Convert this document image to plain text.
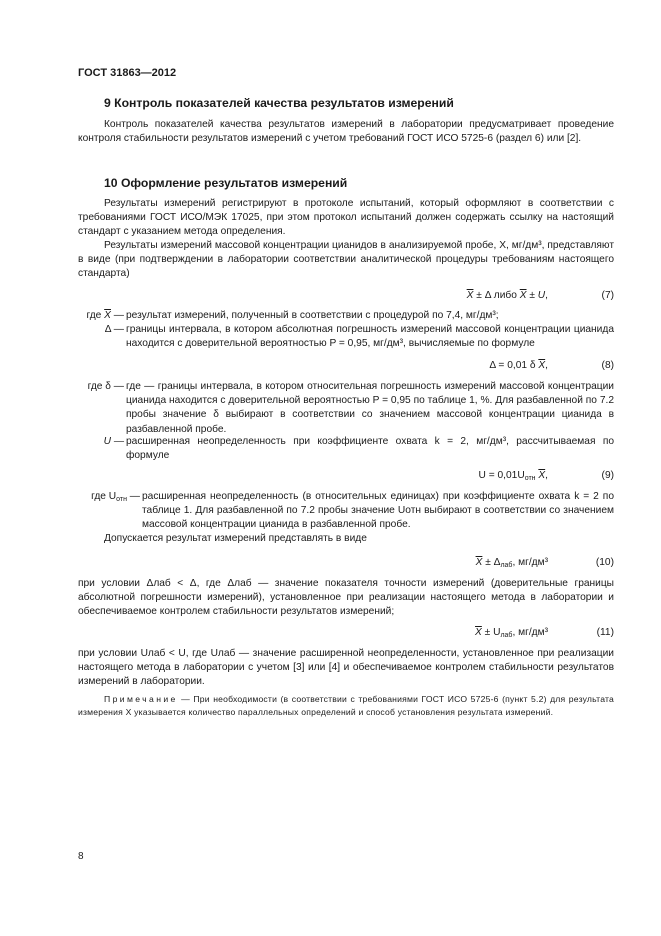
ГОСТ 31863—2012
9 Контроль показателей качества результатов измерений

Контроль показателей качества результатов измерений в лаборатории предусматривает проведение контроля стабильности результатов измерений с учетом требований ГОСТ ИСО 5725-6 (раздел 6) или [2].

10 Оформление результатов измерений

Результаты измерений регистрируют в протоколе испытаний, который оформляют в соответствии с требованиями ГОСТ ИСО/МЭК 17025, при этом протокол испытаний должен содержать ссылку на настоящий стандарт с указанием метода определения.

Результаты измерений массовой концентрации цианидов в анализируемой пробе, X, мг/дм³, представляют в виде (при подтверждении в лаборатории соответствии аналитической процедуры требованиям настоящего стандарта)

$\overline{X} \pm \Delta$ либо $\overline{X} \pm U$,	(7)
где $\overline{X}$ — результат измерений, полученный в соответствии с процедурой по 7,4, мг/дм³;
Δ — границы интервала, в котором абсолютная погрешность измерений массовой концентрации цианида находится с доверительной вероятностью P = 0,95, мг/дм³, вычисляемые по формуле
Δ = 0,01 δ $\overline{X}$,	(8)
где δ — где — границы интервала, в котором относительная погрешность измерений массовой концентрации цианида находится с доверительной вероятностью P = 0,95 по таблице 1, %. Для разбавленной по 7.2 пробы значение δ выбирают в соответствии со значением массовой концентрации цианида в разбавленной пробе.
U — расширенная неопределенность при коэффициенте охвата k = 2, мг/дм³, рассчитываемая по формуле
$U = 0,01U_{отн}$ $\overline{X}$,	(9)
где $U_{отн}$ — расширенная неопределенность (в относительных единицах) при коэффициенте охвата k = 2 по таблице 1. Для разбавленной по 7.2 пробы значение Uотн выбирают в соответствии со значением массовой концентрации цианида в разбавленной пробе.

Допускается результат измерений представлять в виде

$\overline{X} \pm \Delta_{лаб}$, мг/дм³	(10)
при условии Δлаб < Δ, где Δлаб — значение показателя точности измерений (доверительные границы абсолютной погрешности измерений), установленное при реализации настоящего метода в лаборатории и обеспечиваемое контролем стабильности результатов измерений;
$\overline{X} \pm U_{лаб}$, мг/дм³	(11)
при условии Uлаб < U, где Uлаб — значение расширенной неопределенности, установленное при реализации настоящего метода в лаборатории с учетом [3] или [4] и обеспечиваемое контролем стабильности результатов измерений в лаборатории.
Примечание — При необходимости (в соответствии с требованиями ГОСТ ИСО 5725-6 (пункт 5.2) для результата измерения X указывается количество параллельных определений и способ установления результата измерений.
8
